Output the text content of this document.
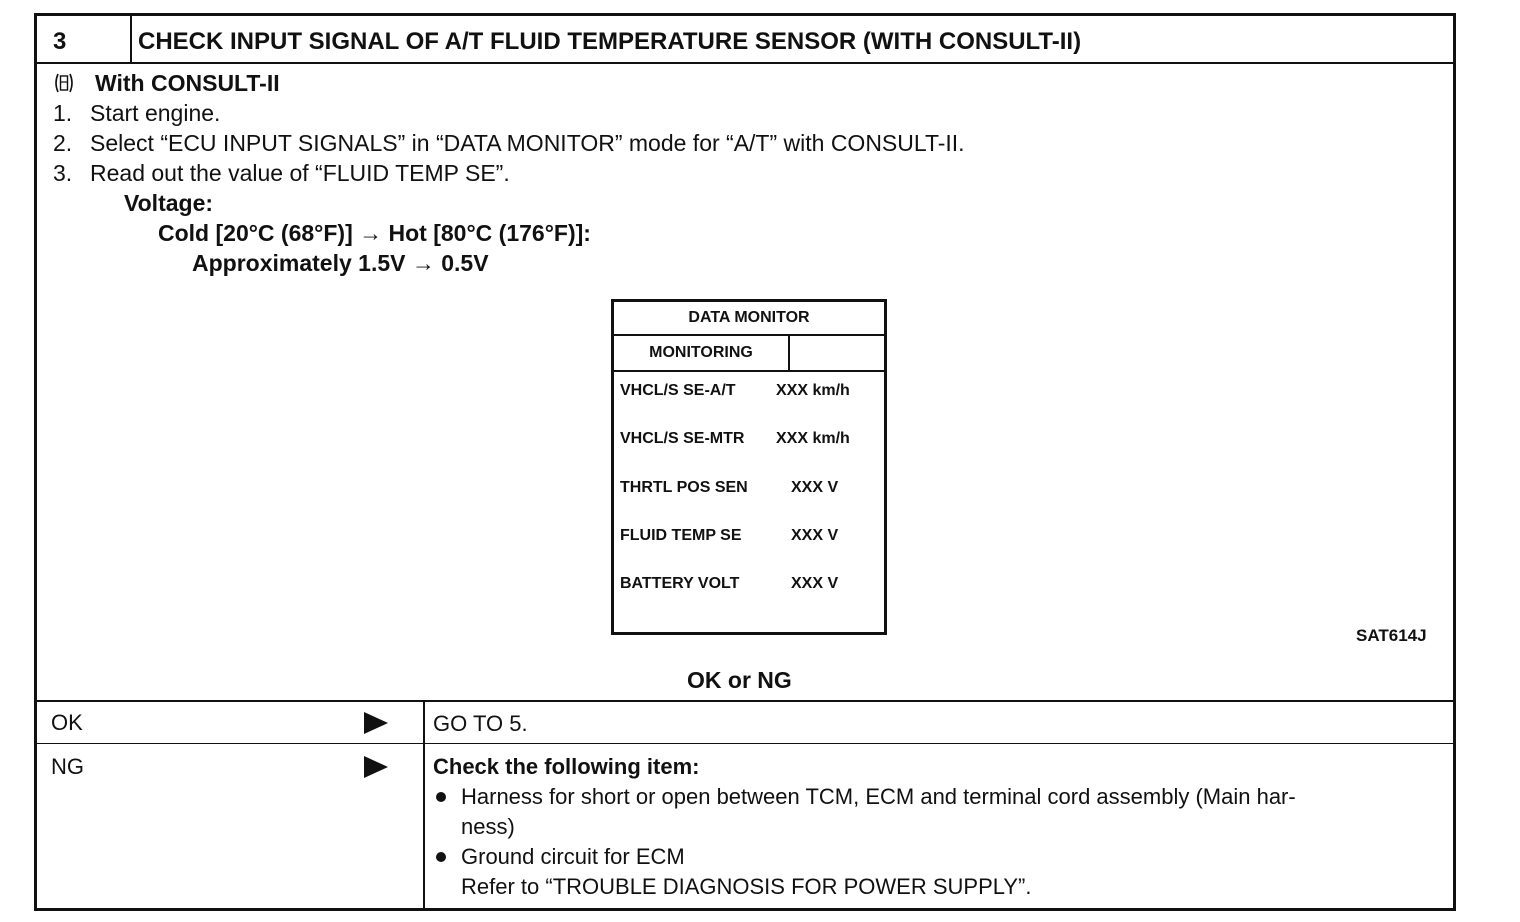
3	CHECK INPUT SIGNAL OF A/T FLUID TEMPERATURE SENSOR (WITH CONSULT-II)
With CONSULT-II
1. Start engine.
2. Select “ECU INPUT SIGNALS” in “DATA MONITOR” mode for “A/T” with CONSULT-II.
3. Read out the value of “FLUID TEMP SE”.
Voltage:
Cold [20°C (68°F)] → Hot [80°C (176°F)]:
Approximately 1.5V → 0.5V
DATA MONITOR
MONITORING
VHCL/S SE-A/T	XXX km/h
VHCL/S SE-MTR XXX km/h
THRTL POS SEN	XXX V
FLUID TEMP SE	XXX V
BATTERY VOLT	XXX V
SAT614J
OK or NG
OK	GO TO 5.
NG	Check the following item:
Harness for short or open between TCM, ECM and terminal cord assembly (Main har-
ness)
Ground circuit for ECM
Refer to “TROUBLE DIAGNOSIS FOR POWER SUPPLY”.
